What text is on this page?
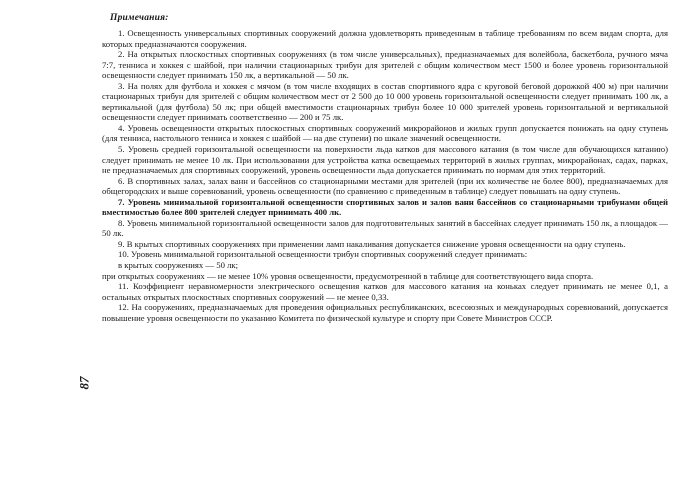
Примечания:

1. Освещенность универсальных спортивных сооружений должна удовлетворять приведенным в таблице требованиям по всем видам спорта, для которых предназначаются сооружения.

2. На открытых плоскостных спортивных сооружениях (в том числе универсальных), предназначаемых для волейбола, баскетбола, ручного мяча 7:7, тенниса и хоккея с шайбой, при наличии стационарных трибун для зрителей с общим количеством мест 1500 и более уровень горизонтальной освещенности следует принимать 150 лк, а вертикальной — 50 лк.

3. На полях для футбола и хоккея с мячом (в том числе входящих в состав спортивного ядра с круговой беговой дорожкой 400 м) при наличии стационарных трибун для зрителей с общим количеством мест от 2 500 до 10 000 уровень горизонтальной освещенности следует принимать 100 лк, а вертикальной (для футбола) 50 лк; при общей вместимости стационарных трибун более 10 000 зрителей уровень горизонтальной и вертикальной освещенности следует принимать соответственно — 200 и 75 лк.

4. Уровень освещенности открытых плоскостных спортивных сооружений микрорайонов и жилых групп допускается понижать на одну ступень (для тенниса, настольного тенниса и хоккея с шайбой — на две ступени) по шкале значений освещенности.

5. Уровень средней горизонтальной освещенности на поверхности льда катков для массового катания (в том числе для обучающихся катанию) следует принимать не менее 10 лк. При использовании для устройства катка освещаемых территорий в жилых группах, микрорайонах, садах, парках, не предназначаемых для спортивных сооружений, уровень освещенности льда допускается принимать по нормам для этих территорий.

6. В спортивных залах, залах ванн и бассейнов со стационарными местами для зрителей (при их количестве не более 800), предназначаемых для общегородских и выше соревнований, уровень освещенности (по сравнению с приведенным в таблице) следует повышать на одну ступень.

7. Уровень минимальной горизонтальной освещенности спортивных залов и залов ванн бассейнов со стационарными трибунами общей вместимостью более 800 зрителей следует принимать 400 лк.

8. Уровень минимальной горизонтальной освещенности залов для подготовительных занятий в бассейнах следует принимать 150 лк, а площадок — 50 лк.

9. В крытых спортивных сооружениях при применении ламп накаливания допускается снижение уровня освещенности на одну ступень.

10. Уровень минимальной горизонтальной освещенности трибун спортивных сооружений следует принимать:

в крытых сооружениях — 50 лк;

при открытых сооружениях — не менее 10% уровня освещенности, предусмотренной в таблице для соответствующего вида спорта.

11. Коэффициент неравномерности электрического освещения катков для массового катания на коньках следует принимать не менее 0,1, а остальных открытых плоскостных спортивных сооружений — не менее 0,33.

12. На сооружениях, предназначаемых для проведения официальных республиканских, всесоюзных и международных соревнований, допускается повышение уровня освещенности по указанию Комитета по физической культуре и спорту при Совете Министров СССР.

87
